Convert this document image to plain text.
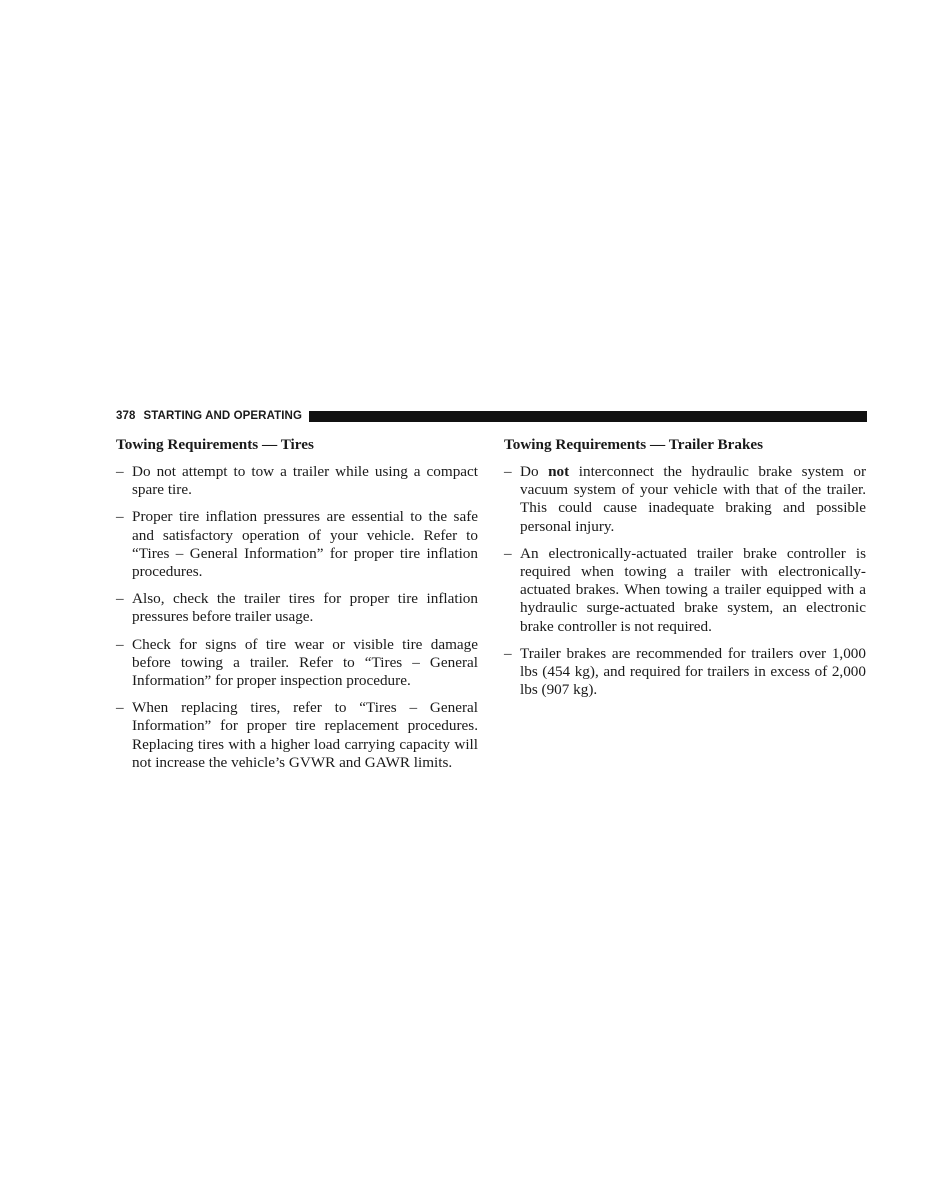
378 STARTING AND OPERATING
Towing Requirements — Tires
– Do not attempt to tow a trailer while using a compact spare tire.
– Proper tire inflation pressures are essential to the safe and satisfactory operation of your vehicle. Refer to “Tires – General Information” for proper tire inflation procedures.
– Also, check the trailer tires for proper tire inflation pressures before trailer usage.
– Check for signs of tire wear or visible tire damage before towing a trailer. Refer to “Tires – General Information” for proper inspection procedure.
– When replacing tires, refer to “Tires – General Information” for proper tire replacement procedures. Replacing tires with a higher load carrying capacity will not increase the vehicle’s GVWR and GAWR limits.
Towing Requirements — Trailer Brakes
– Do not interconnect the hydraulic brake system or vacuum system of your vehicle with that of the trailer. This could cause inadequate braking and possible personal injury.
– An electronically-actuated trailer brake controller is required when towing a trailer with electronically-actuated brakes. When towing a trailer equipped with a hydraulic surge-actuated brake system, an electronic brake controller is not required.
– Trailer brakes are recommended for trailers over 1,000 lbs (454 kg), and required for trailers in excess of 2,000 lbs (907 kg).
